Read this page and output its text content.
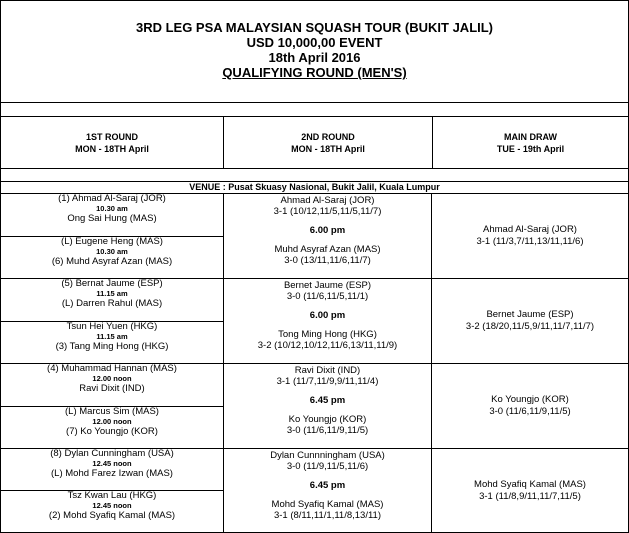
3RD LEG PSA MALAYSIAN SQUASH TOUR (BUKIT JALIL)
USD 10,000,00 EVENT
18th April 2016
QUALIFYING ROUND (MEN'S)
1ST ROUND
MON - 18TH April
2ND ROUND
MON - 18TH April
MAIN DRAW
TUE - 19th April
VENUE : Pusat Skuasy Nasional, Bukit Jalil, Kuala Lumpur
(1) Ahmad Al-Saraj (JOR)
10.30 am
Ong Sai Hung (MAS)
(L) Eugene Heng (MAS)
10.30 am
(6) Muhd Asyraf Azan (MAS)
Ahmad Al-Saraj (JOR)
3-1 (10/12,11/5,11/5,11/7)
6.00 pm
Muhd Asyraf Azan (MAS)
3-0 (13/11,11/6,11/7)
Ahmad Al-Saraj (JOR)
3-1 (11/3,7/11,13/11,11/6)
(5) Bernat Jaume (ESP)
11.15 am
(L) Darren Rahul (MAS)
Tsun Hei Yuen (HKG)
11.15 am
(3) Tang Ming Hong (HKG)
Bernet Jaume (ESP)
3-0 (11/6,11/5,11/1)
6.00 pm
Tong Ming Hong (HKG)
3-2 (10/12,10/12,11/6,13/11,11/9)
Bernet Jaume (ESP)
3-2 (18/20,11/5,9/11,11/7,11/7)
(4) Muhammad Hannan (MAS)
12.00 noon
Ravi Dixit (IND)
(L) Marcus Sim (MAS)
12.00 noon
(7) Ko Youngjo (KOR)
Ravi Dixit (IND)
3-1 (11/7,11/9,9/11,11/4)
6.45 pm
Ko Youngjo (KOR)
3-0 (11/6,11/9,11/5)
Ko Youngjo (KOR)
3-0 (11/6,11/9,11/5)
(8) Dylan Cunningham (USA)
12.45 noon
(L) Mohd Farez Izwan (MAS)
Tsz Kwan Lau (HKG)
12.45 noon
(2) Mohd Syafiq Kamal (MAS)
Dylan Cunnningham (USA)
3-0 (11/9,11/5,11/6)
6.45 pm
Mohd Syafiq Kamal (MAS)
3-1 (8/11,11/1,11/8,13/11)
Mohd Syafiq Kamal (MAS)
3-1 (11/8,9/11,11/7,11/5)
